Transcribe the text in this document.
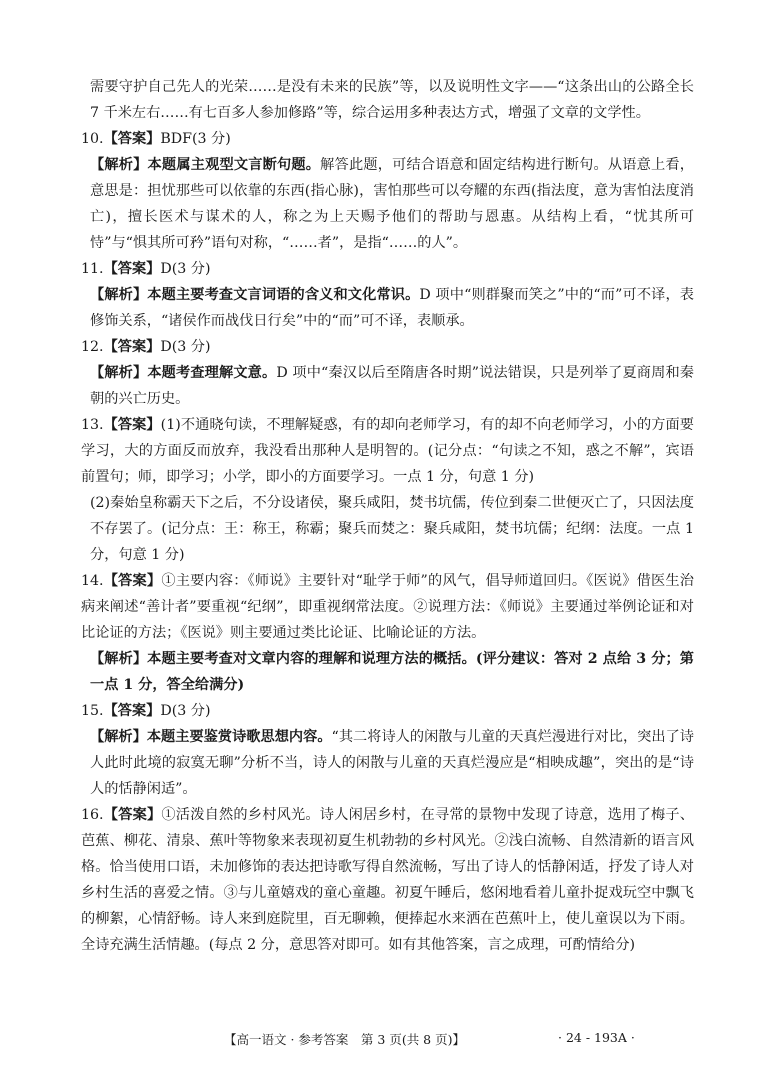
需要守护自己先人的光荣……是没有未来的民族”等，以及说明性文字——“这条出山的公路全长 7 千米左右……有七百多人参加修路”等，综合运用多种表达方式，增强了文章的文学性。

10.【答案】BDF(3 分)

【解析】本题属主观型文言断句题。解答此题，可结合语意和固定结构进行断句。从语意上看，意思是：担忧那些可以依靠的东西(指心脉)，害怕那些可以夸耀的东西(指法度，意为害怕法度消亡)，擅长医术与谋术的人，称之为上天赐予他们的帮助与恩惠。从结构上看，“忧其所可恃”与“惧其所可矜”语句对称，“……者”，是指“……的人”。

11.【答案】D(3 分)

【解析】本题主要考查文言词语的含义和文化常识。D 项中“则群聚而笑之”中的“而”可不译，表修饰关系，“诸侯作而战伐日行矣”中的“而”可不译，表顺承。

12.【答案】D(3 分)

【解析】本题考查理解文意。D 项中“秦汉以后至隋唐各时期”说法错误，只是列举了夏商周和秦朝的兴亡历史。

13.【答案】(1)不通晓句读，不理解疑惑，有的却向老师学习，有的却不向老师学习，小的方面要学习，大的方面反而放弃，我没看出那种人是明智的。(记分点：“句读之不知，惑之不解”，宾语前置句；师，即学习；小学，即小的方面要学习。一点 1 分，句意 1 分)

(2)秦始皇称霸天下之后，不分设诸侯，聚兵咸阳，焚书坑儒，传位到秦二世便灭亡了，只因法度不存罢了。(记分点：王：称王，称霸；聚兵而焚之：聚兵咸阳，焚书坑儒；纪纲：法度。一点 1 分，句意 1 分)

14.【答案】①主要内容：《师说》主要针对“耻学于师”的风气，倡导师道回归。《医说》借医生治病来阐述“善计者”要重视“纪纲”，即重视纲常法度。②说理方法：《师说》主要通过举例论证和对比论证的方法；《医说》则主要通过类比论证、比喻论证的方法。

【解析】本题主要考查对文章内容的理解和说理方法的概括。(评分建议：答对 2 点给 3 分；第一点 1 分，答全给满分)

15.【答案】D(3 分)

【解析】本题主要鉴赏诗歌思想内容。“其二将诗人的闲散与儿童的天真烂漫进行对比，突出了诗人此时此境的寂寞无聊”分析不当，诗人的闲散与儿童的天真烂漫应是“相映成趣”，突出的是“诗人的恬静闲适”。

16.【答案】①活泼自然的乡村风光。诗人闲居乡村，在寻常的景物中发现了诗意，选用了梅子、芭蕉、柳花、清泉、蕉叶等物象来表现初夏生机勃勃的乡村风光。②浅白流畅、自然清新的语言风格。恰当使用口语，未加修饰的表达把诗歌写得自然流畅，写出了诗人的恬静闲适，抒发了诗人对乡村生活的喜爱之情。③与儿童嬉戏的童心童趣。初夏午睡后，悠闲地看着儿童扑捉戏玩空中飘飞的柳絮，心情舒畅。诗人来到庭院里，百无聊赖，便捧起水来洒在芭蕉叶上，使儿童误以为下雨。全诗充满生活情趣。(每点 2 分，意思答对即可。如有其他答案，言之成理，可酌情给分)

【高一语文 · 参考答案　第 3 页(共 8 页)】	· 24 - 193A ·
